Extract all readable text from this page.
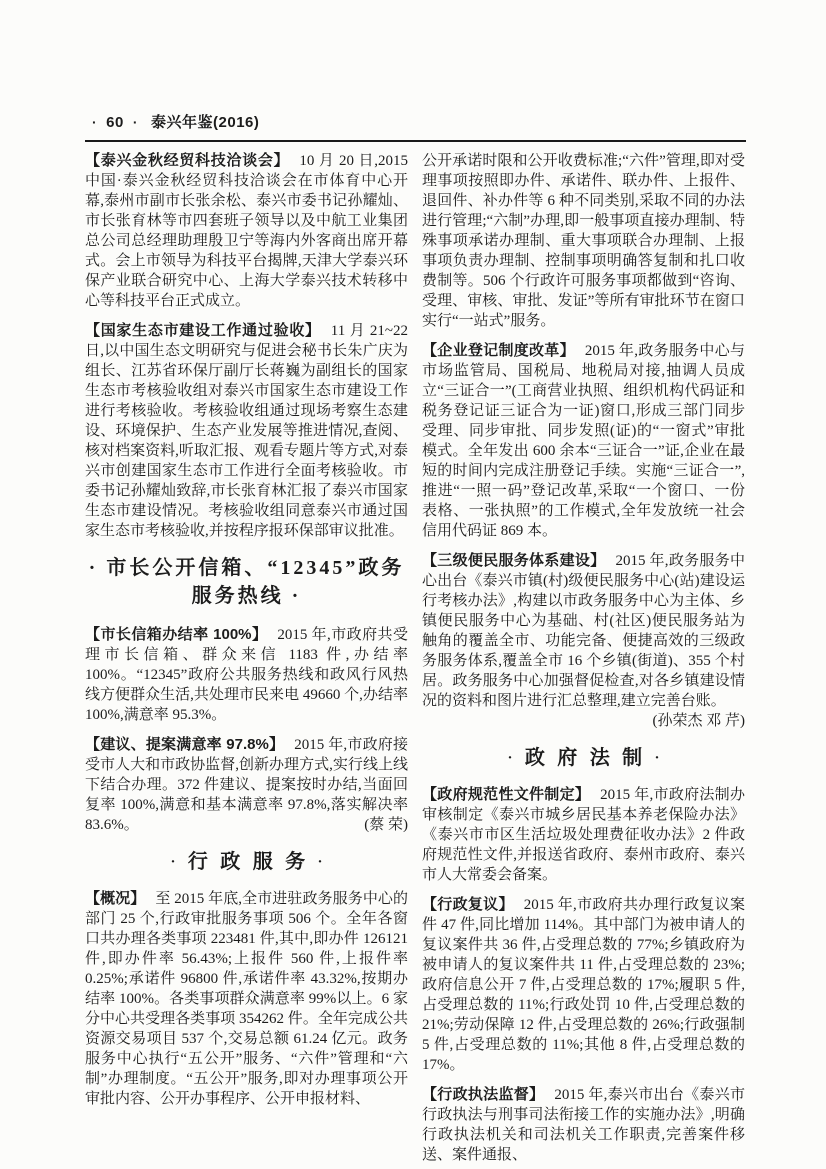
· 60 · 泰兴年鉴(2016)

【泰兴金秋经贸科技洽谈会】 10 月 20 日,2015 中国·泰兴金秋经贸科技洽谈会在市体育中心开幕,泰州市副市长张余松、泰兴市委书记孙耀灿、市长张育林等市四套班子领导以及中航工业集团总公司总经理助理殷卫宁等海内外客商出席开幕式。会上市领导为科技平台揭牌,天津大学泰兴环保产业联合研究中心、上海大学泰兴技术转移中心等科技平台正式成立。

【国家生态市建设工作通过验收】 11 月 21~22 日,以中国生态文明研究与促进会秘书长朱广庆为组长、江苏省环保厅副厅长蒋巍为副组长的国家生态市考核验收组对泰兴市国家生态市建设工作进行考核验收。考核验收组通过现场考察生态建设、环境保护、生态产业发展等推进情况,查阅、核对档案资料,听取汇报、观看专题片等方式,对泰兴市创建国家生态市工作进行全面考核验收。市委书记孙耀灿致辞,市长张育林汇报了泰兴市国家生态市建设情况。考核验收组同意泰兴市通过国家生态市考核验收,并按程序报环保部审议批准。

· 市长公开信箱、“12345”政务
服务热线 ·

【市长信箱办结率 100%】 2015 年,市政府共受理市长信箱、群众来信 1183 件,办结率 100%。“12345”政府公共服务热线和政风行风热线方便群众生活,共处理市民来电 49660 个,办结率 100%,满意率 95.3%。

【建议、提案满意率 97.8%】 2015 年,市政府接受市人大和市政协监督,创新办理方式,实行线上线下结合办理。372 件建议、提案按时办结,当面回复率 100%,满意和基本满意率 97.8%,落实解决率 83.6%。	(蔡 荣)

· 行政服务·

【概况】 至 2015 年底,全市进驻政务服务中心的部门 25 个,行政审批服务事项 506 个。全年各窗口共办理各类事项 223481 件,其中,即办件 126121 件,即办件率 56.43%;上报件 560 件,上报件率 0.25%;承诺件 96800 件,承诺件率 43.32%,按期办结率 100%。各类事项群众满意率 99%以上。6 家分中心共受理各类事项 354262 件。全年完成公共资源交易项目 537 个,交易总额 61.24 亿元。政务服务中心执行“五公开”服务、“六件”管理和“六制”办理制度。“五公开”服务,即对办理事项公开审批内容、公开办事程序、公开申报材料、

公开承诺时限和公开收费标准;“六件”管理,即对受理事项按照即办件、承诺件、联办件、上报件、退回件、补办件等 6 种不同类别,采取不同的办法进行管理;“六制”办理,即一般事项直接办理制、特殊事项承诺办理制、重大事项联合办理制、上报事项负责办理制、控制事项明确答复制和扎口收费制等。506 个行政许可服务事项都做到“咨询、受理、审核、审批、发证”等所有审批环节在窗口实行“一站式”服务。

【企业登记制度改革】 2015 年,政务服务中心与市场监管局、国税局、地税局对接,抽调人员成立“三证合一”(工商营业执照、组织机构代码证和税务登记证三证合为一证)窗口,形成三部门同步受理、同步审批、同步发照(证)的“一窗式”审批模式。全年发出 600 余本“三证合一”证,企业在最短的时间内完成注册登记手续。实施“三证合一”,推进“一照一码”登记改革,采取“一个窗口、一份表格、一张执照”的工作模式,全年发放统一社会信用代码证 869 本。

【三级便民服务体系建设】 2015 年,政务服务中心出台《泰兴市镇(村)级便民服务中心(站)建设运行考核办法》,构建以市政务服务中心为主体、乡镇便民服务中心为基础、村(社区)便民服务站为触角的覆盖全市、功能完备、便捷高效的三级政务服务体系,覆盖全市 16 个乡镇(街道)、355 个村居。政务服务中心加强督促检查,对各乡镇建设情况的资料和图片进行汇总整理,建立完善台账。
(孙荣杰 邓 芹)

· 政府法制·

【政府规范性文件制定】 2015 年,市政府法制办审核制定《泰兴市城乡居民基本养老保险办法》《泰兴市市区生活垃圾处理费征收办法》2 件政府规范性文件,并报送省政府、泰州市政府、泰兴市人大常委会备案。

【行政复议】 2015 年,市政府共办理行政复议案件 47 件,同比增加 114%。其中部门为被申请人的复议案件共 36 件,占受理总数的 77%;乡镇政府为被申请人的复议案件共 11 件,占受理总数的 23%;政府信息公开 7 件,占受理总数的 17%;履职 5 件,占受理总数的 11%;行政处罚 10 件,占受理总数的 21%;劳动保障 12 件,占受理总数的 26%;行政强制 5 件,占受理总数的 11%;其他 8 件,占受理总数的 17%。

【行政执法监督】 2015 年,泰兴市出台《泰兴市行政执法与刑事司法衔接工作的实施办法》,明确行政执法机关和司法机关工作职责,完善案件移送、案件通报、
